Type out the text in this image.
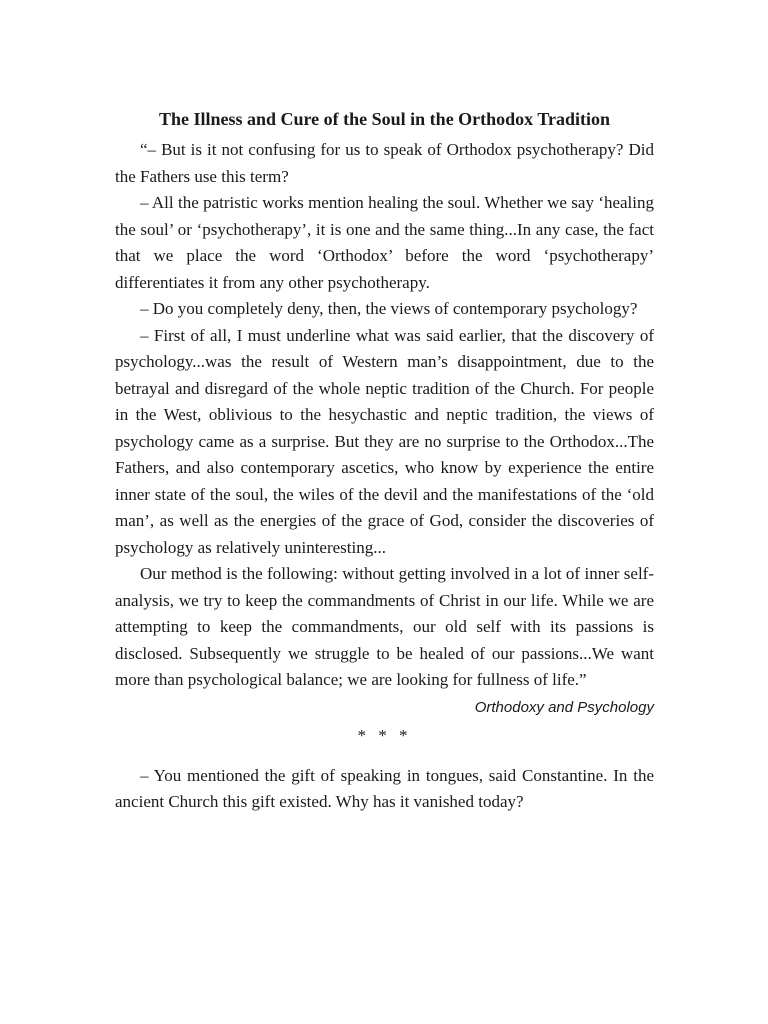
The Illness and Cure of the Soul in the Orthodox Tradition

“– But is it not confusing for us to speak of Orthodox psychotherapy? Did the Fathers use this term?

– All the patristic works mention healing the soul. Whether we say ‘healing the soul’ or ‘psychotherapy’, it is one and the same thing...In any case, the fact that we place the word ‘Orthodox’ before the word ‘psychotherapy’ differentiates it from any other psychotherapy.

– Do you completely deny, then, the views of contemporary psychology?

– First of all, I must underline what was said earlier, that the discovery of psychology...was the result of Western man’s disappointment, due to the betrayal and disregard of the whole neptic tradition of the Church. For people in the West, oblivious to the hesychastic and neptic tradition, the views of psychology came as a surprise. But they are no surprise to the Orthodox...The Fathers, and also contemporary ascetics, who know by experience the entire inner state of the soul, the wiles of the devil and the manifestations of the ‘old man’, as well as the energies of the grace of God, consider the discoveries of psychology as relatively uninteresting...

Our method is the following: without getting involved in a lot of inner self-analysis, we try to keep the commandments of Christ in our life. While we are attempting to keep the commandments, our old self with its passions is disclosed. Subsequently we struggle to be healed of our passions...We want more than psychological balance; we are looking for fullness of life.”

Orthodoxy and Psychology

* * *

– You mentioned the gift of speaking in tongues, said Constantine. In the ancient Church this gift existed. Why has it vanished today?
